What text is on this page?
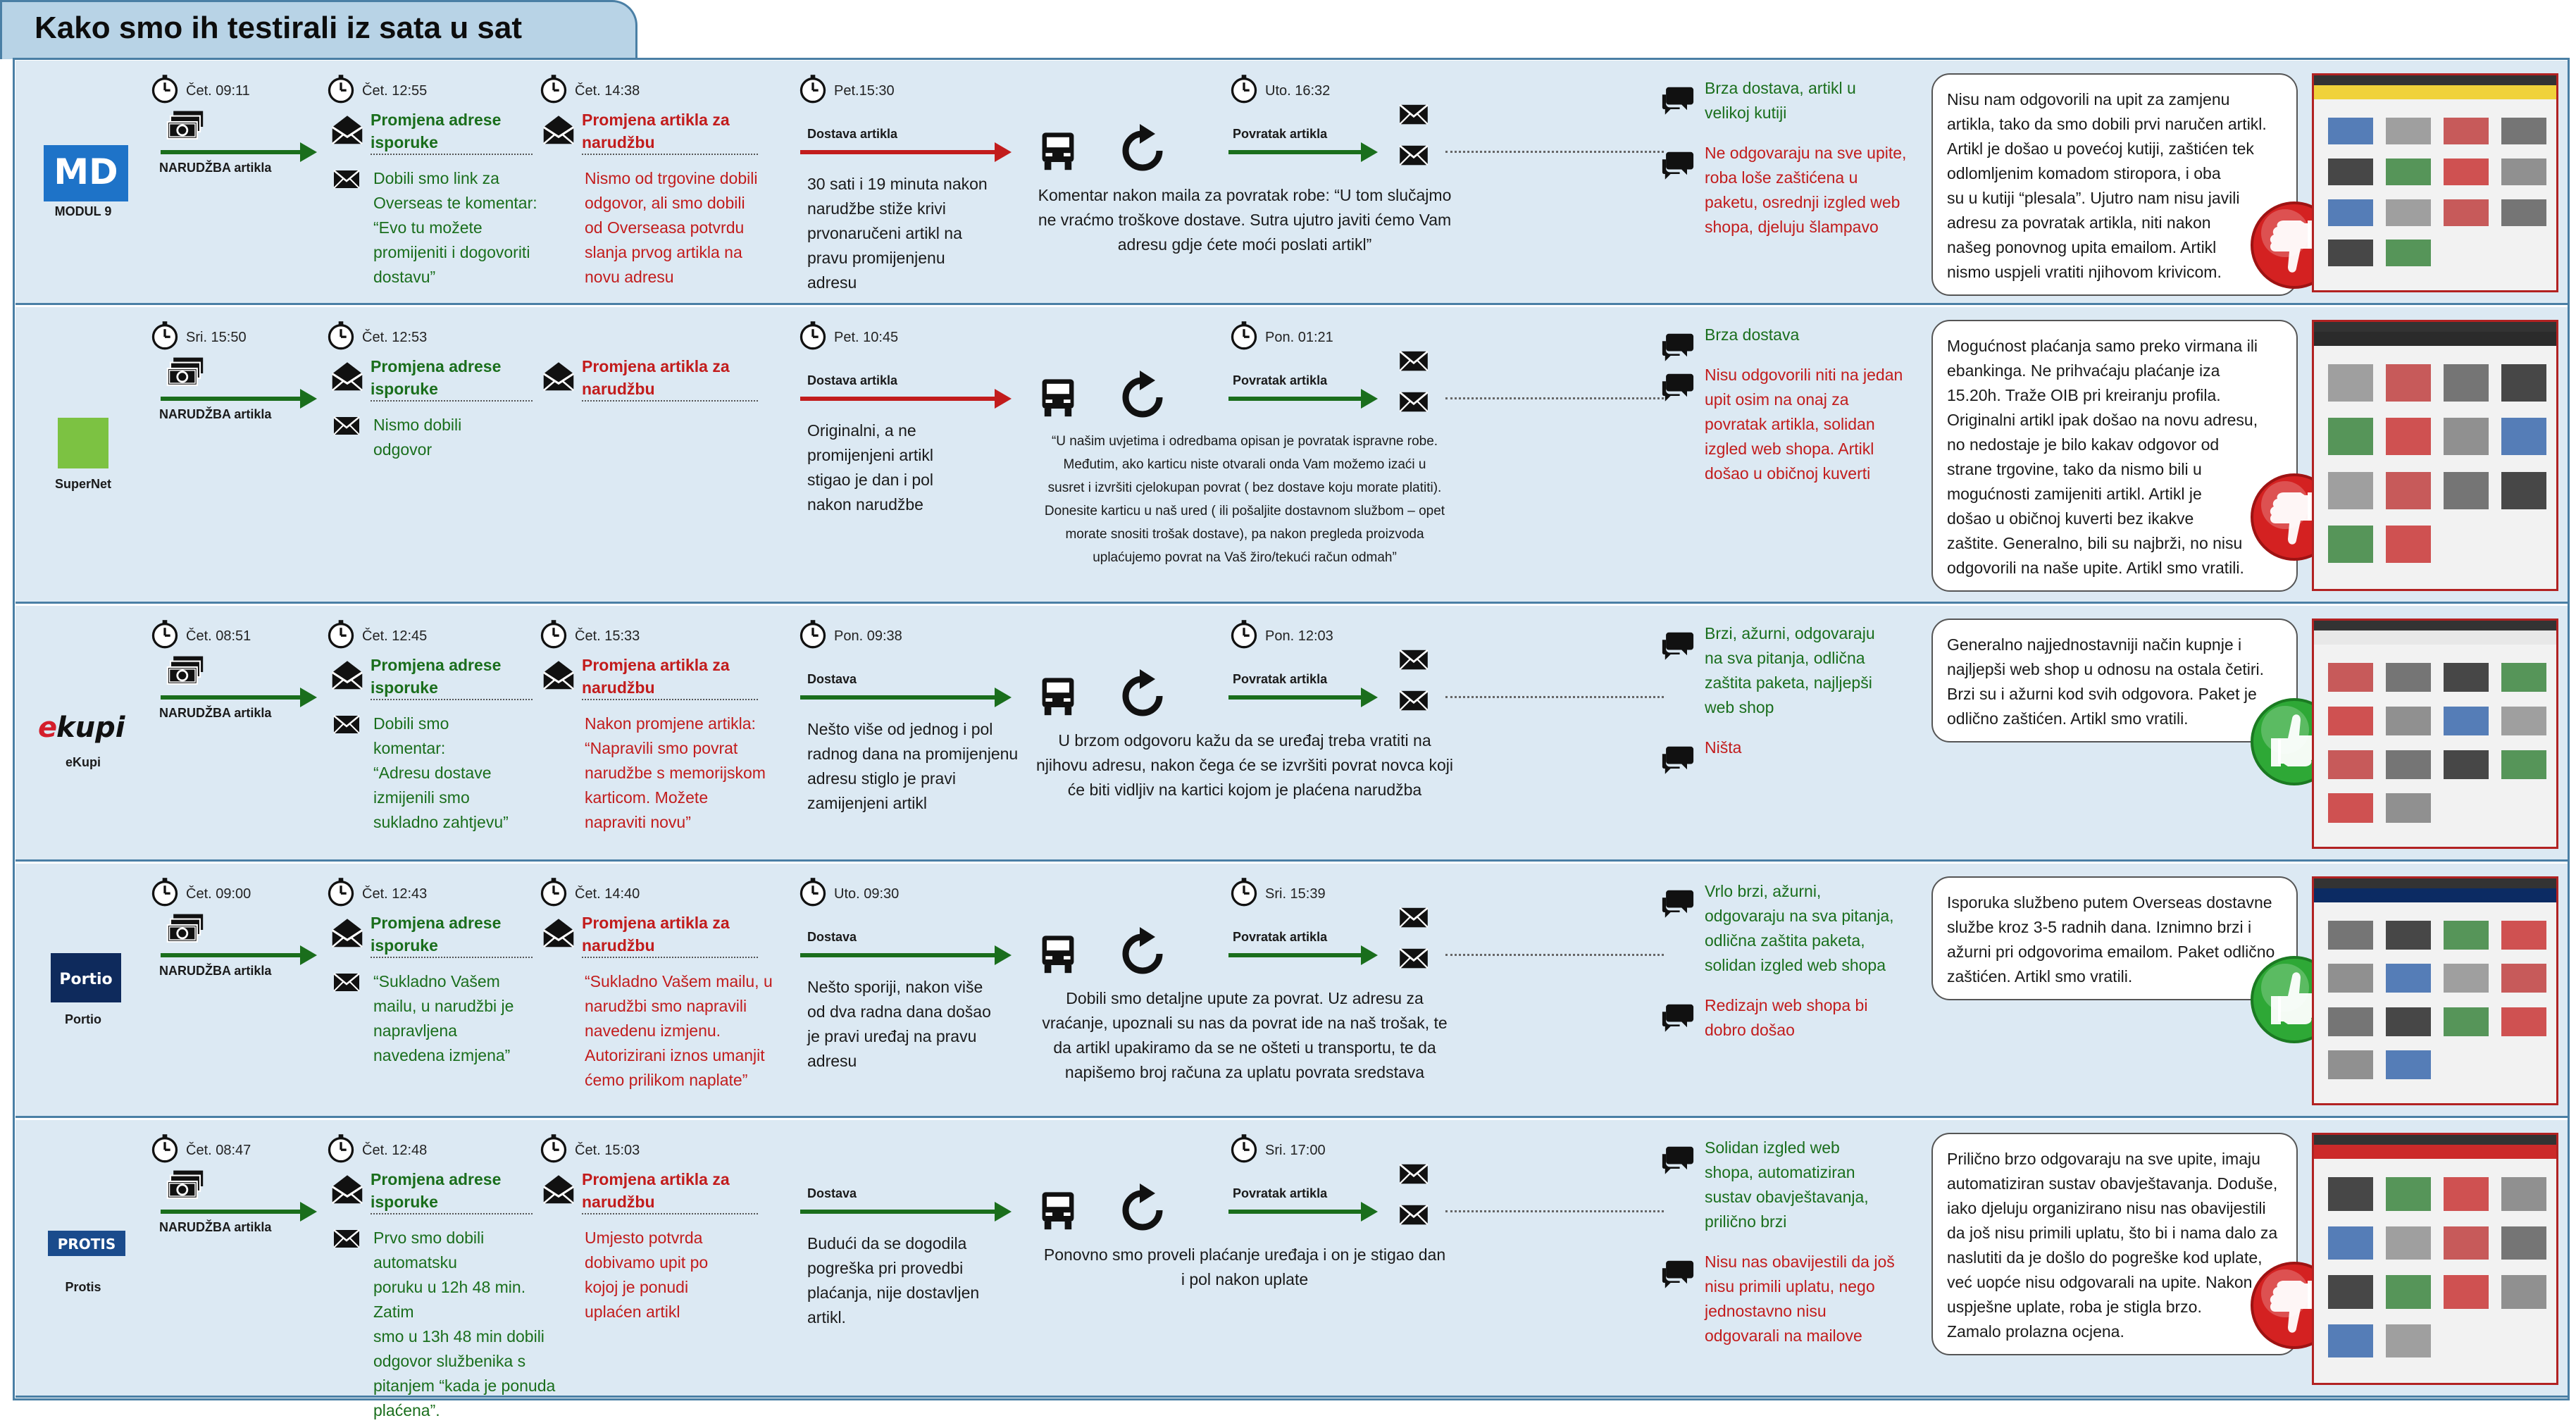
Kako smo ih testirali iz sata u sat
MD
MODUL 9
Čet. 09:11
NARUDŽBA artikla
Čet. 12:55
Promjena adrese isporuke
Dobili smo link za
Overseas te komentar:
“Evo tu možete
promijeniti i dogovoriti
dostavu”
Čet. 14:38
Promjena artikla za narudžbu
Nismo od trgovine dobili
odgovor, ali smo dobili
od Overseasa potvrdu
slanja prvog artikla na
novu adresu
Pet.15:30
Dostava artikla
30 sati i 19 minuta nakon
narudžbe stiže krivi
prvonaručeni artikl na
pravu promijenjenu
adresu
Uto. 16:32
Povratak artikla
Komentar nakon maila za povratak robe: “U tom slučajmo
ne vraćmo troškove dostave. Sutra ujutro javiti ćemo Vam
adresu gdje ćete moći poslati artikl”
Brza dostava, artikl u
velikoj kutiji
Ne odgovaraju na sve upite,
roba loše zaštićena u
paketu, osrednji izgled web
shopa, djeluju šlampavo
Nisu nam odgovorili na upit za zamjenu
artikla, tako da smo dobili prvi naručen artikl.
Artikl je došao u povećoj kutiji, zaštićen tek
odlomljenim komadom stiropora, i oba
su u kutiji “plesala”. Ujutro nam nisu javili
adresu za povratak artikla, niti nakon
našeg ponovnog upita emailom. Artikl
nismo uspjeli vratiti njihovom krivicom.
SuperNet
Sri. 15:50
NARUDŽBA artikla
Čet. 12:53
Promjena adrese isporuke
Nismo dobili
odgovor
Promjena artikla za narudžbu
Pet. 10:45
Dostava artikla
Originalni, a ne
promijenjeni artikl
stigao je dan i pol
nakon narudžbe
Pon. 01:21
Povratak artikla
“U našim uvjetima i odredbama opisan je povratak ispravne robe.
Međutim, ako karticu niste otvarali onda Vam možemo izaći u
susret i izvršiti cjelokupan povrat ( bez dostave koju morate platiti).
Donesite karticu u naš ured ( ili pošaljite dostavnom službom – opet
morate snositi trošak dostave), pa nakon pregleda proizvoda
uplaćujemo povrat na Vaš žiro/tekući račun odmah”
Brza dostava
Nisu odgovorili niti na jedan
upit osim na onaj za
povratak artikla, solidan
izgled web shopa. Artikl
došao u običnoj kuverti
Mogućnost plaćanja samo preko virmana ili
ebankinga. Ne prihvaćaju plaćanje iza
15.20h. Traže OIB pri kreiranju profila.
Originalni artikl ipak došao na novu adresu,
no nedostaje je bilo kakav odgovor od
strane trgovine, tako da nismo bili u
mogućnosti zamijeniti artikl. Artikl je
došao u običnoj kuverti bez ikakve
zaštite. Generalno, bili su najbrži, no nisu
odgovorili na naše upite. Artikl smo vratili.
e
kupi
eKupi
Čet. 08:51
NARUDŽBA artikla
Čet. 12:45
Promjena adrese isporuke
Dobili smo
komentar:
“Adresu dostave
izmijenili smo
sukladno zahtjevu”
Čet. 15:33
Promjena artikla za narudžbu
Nakon promjene artikla:
“Napravili smo povrat
narudžbe s memorijskom
karticom. Možete
napraviti novu”
Pon. 09:38
Dostava
Nešto više od jednog i pol
radnog dana na promijenjenu
adresu stiglo je pravi
zamijenjeni artikl
Pon. 12:03
Povratak artikla
U brzom odgovoru kažu da se uređaj treba vratiti na
njihovu adresu, nakon čega će se izvršiti povrat novca koji
će biti vidljiv na kartici kojom je plaćena narudžba
Brzi, ažurni, odgovaraju
na sva pitanja, odlična
zaštita paketa, najljepši
web shop
Ništa
Generalno najjednostavniji način kupnje i
najljepši web shop u odnosu na ostala četiri.
Brzi su i ažurni kod svih odgovora. Paket je
odlično zaštićen. Artikl smo vratili.
Portio
Portio
Čet. 09:00
NARUDŽBA artikla
Čet. 12:43
Promjena adrese isporuke
“Sukladno Vašem
mailu, u narudžbi je
napravljena
navedena izmjena”
Čet. 14:40
Promjena artikla za narudžbu
“Sukladno Vašem mailu, u
narudžbi smo napravili
navedenu izmjenu.
Autorizirani iznos umanjit
ćemo prilikom naplate”
Uto. 09:30
Dostava
Nešto sporiji, nakon više
od dva radna dana došao
je pravi uređaj na pravu
adresu
Sri. 15:39
Povratak artikla
Dobili smo detaljne upute za povrat. Uz adresu za
vraćanje, upoznali su nas da povrat ide na naš trošak, te
da artikl upakiramo da se ne ošteti u transportu, te da
napišemo broj računa za uplatu povrata sredstava
Vrlo brzi, ažurni,
odgovaraju na sva pitanja,
odlična zaštita paketa,
solidan izgled web shopa
Redizajn web shopa bi
dobro došao
Isporuka službeno putem Overseas dostavne
službe kroz 3-5 radnih dana. Iznimno brzi i
ažurni pri odgovorima emailom. Paket odlično
zaštićen. Artikl smo vratili.
PROTIS
Protis
Čet. 08:47
NARUDŽBA artikla
Čet. 12:48
Promjena adrese isporuke
Prvo smo dobili automatsku
poruku u 12h 48 min. Zatim
smo u 13h 48 min dobili
odgovor službenika s
pitanjem “kada je ponuda
plaćena”.
Čet. 15:03
Promjena artikla za narudžbu
Umjesto potvrda
dobivamo upit po
kojoj je ponudi
uplaćen artikl
Dostava
Budući da se dogodila
pogreška pri provedbi
plaćanja, nije dostavljen
artikl.
Sri. 17:00
Povratak artikla
Ponovno smo proveli plaćanje uređaja i on je stigao dan
i pol nakon uplate
Solidan izgled web
shopa, automatiziran
sustav obavještavanja,
prilično brzi
Nisu nas obavijestili da još
nisu primili uplatu, nego
jednostavno nisu
odgovarali na mailove
Prilično brzo odgovaraju na sve upite, imaju
automatiziran sustav obavještavanja. Doduše,
iako djeluju organizirano nisu nas obavijestili
da još nisu primili uplatu, što bi i nama dalo za
naslutiti da je došlo do pogreške kod uplate,
već uopće nisu odgovarali na upite. Nakon
uspješne uplate, roba je stigla brzo.
Zamalo prolazna ocjena.
